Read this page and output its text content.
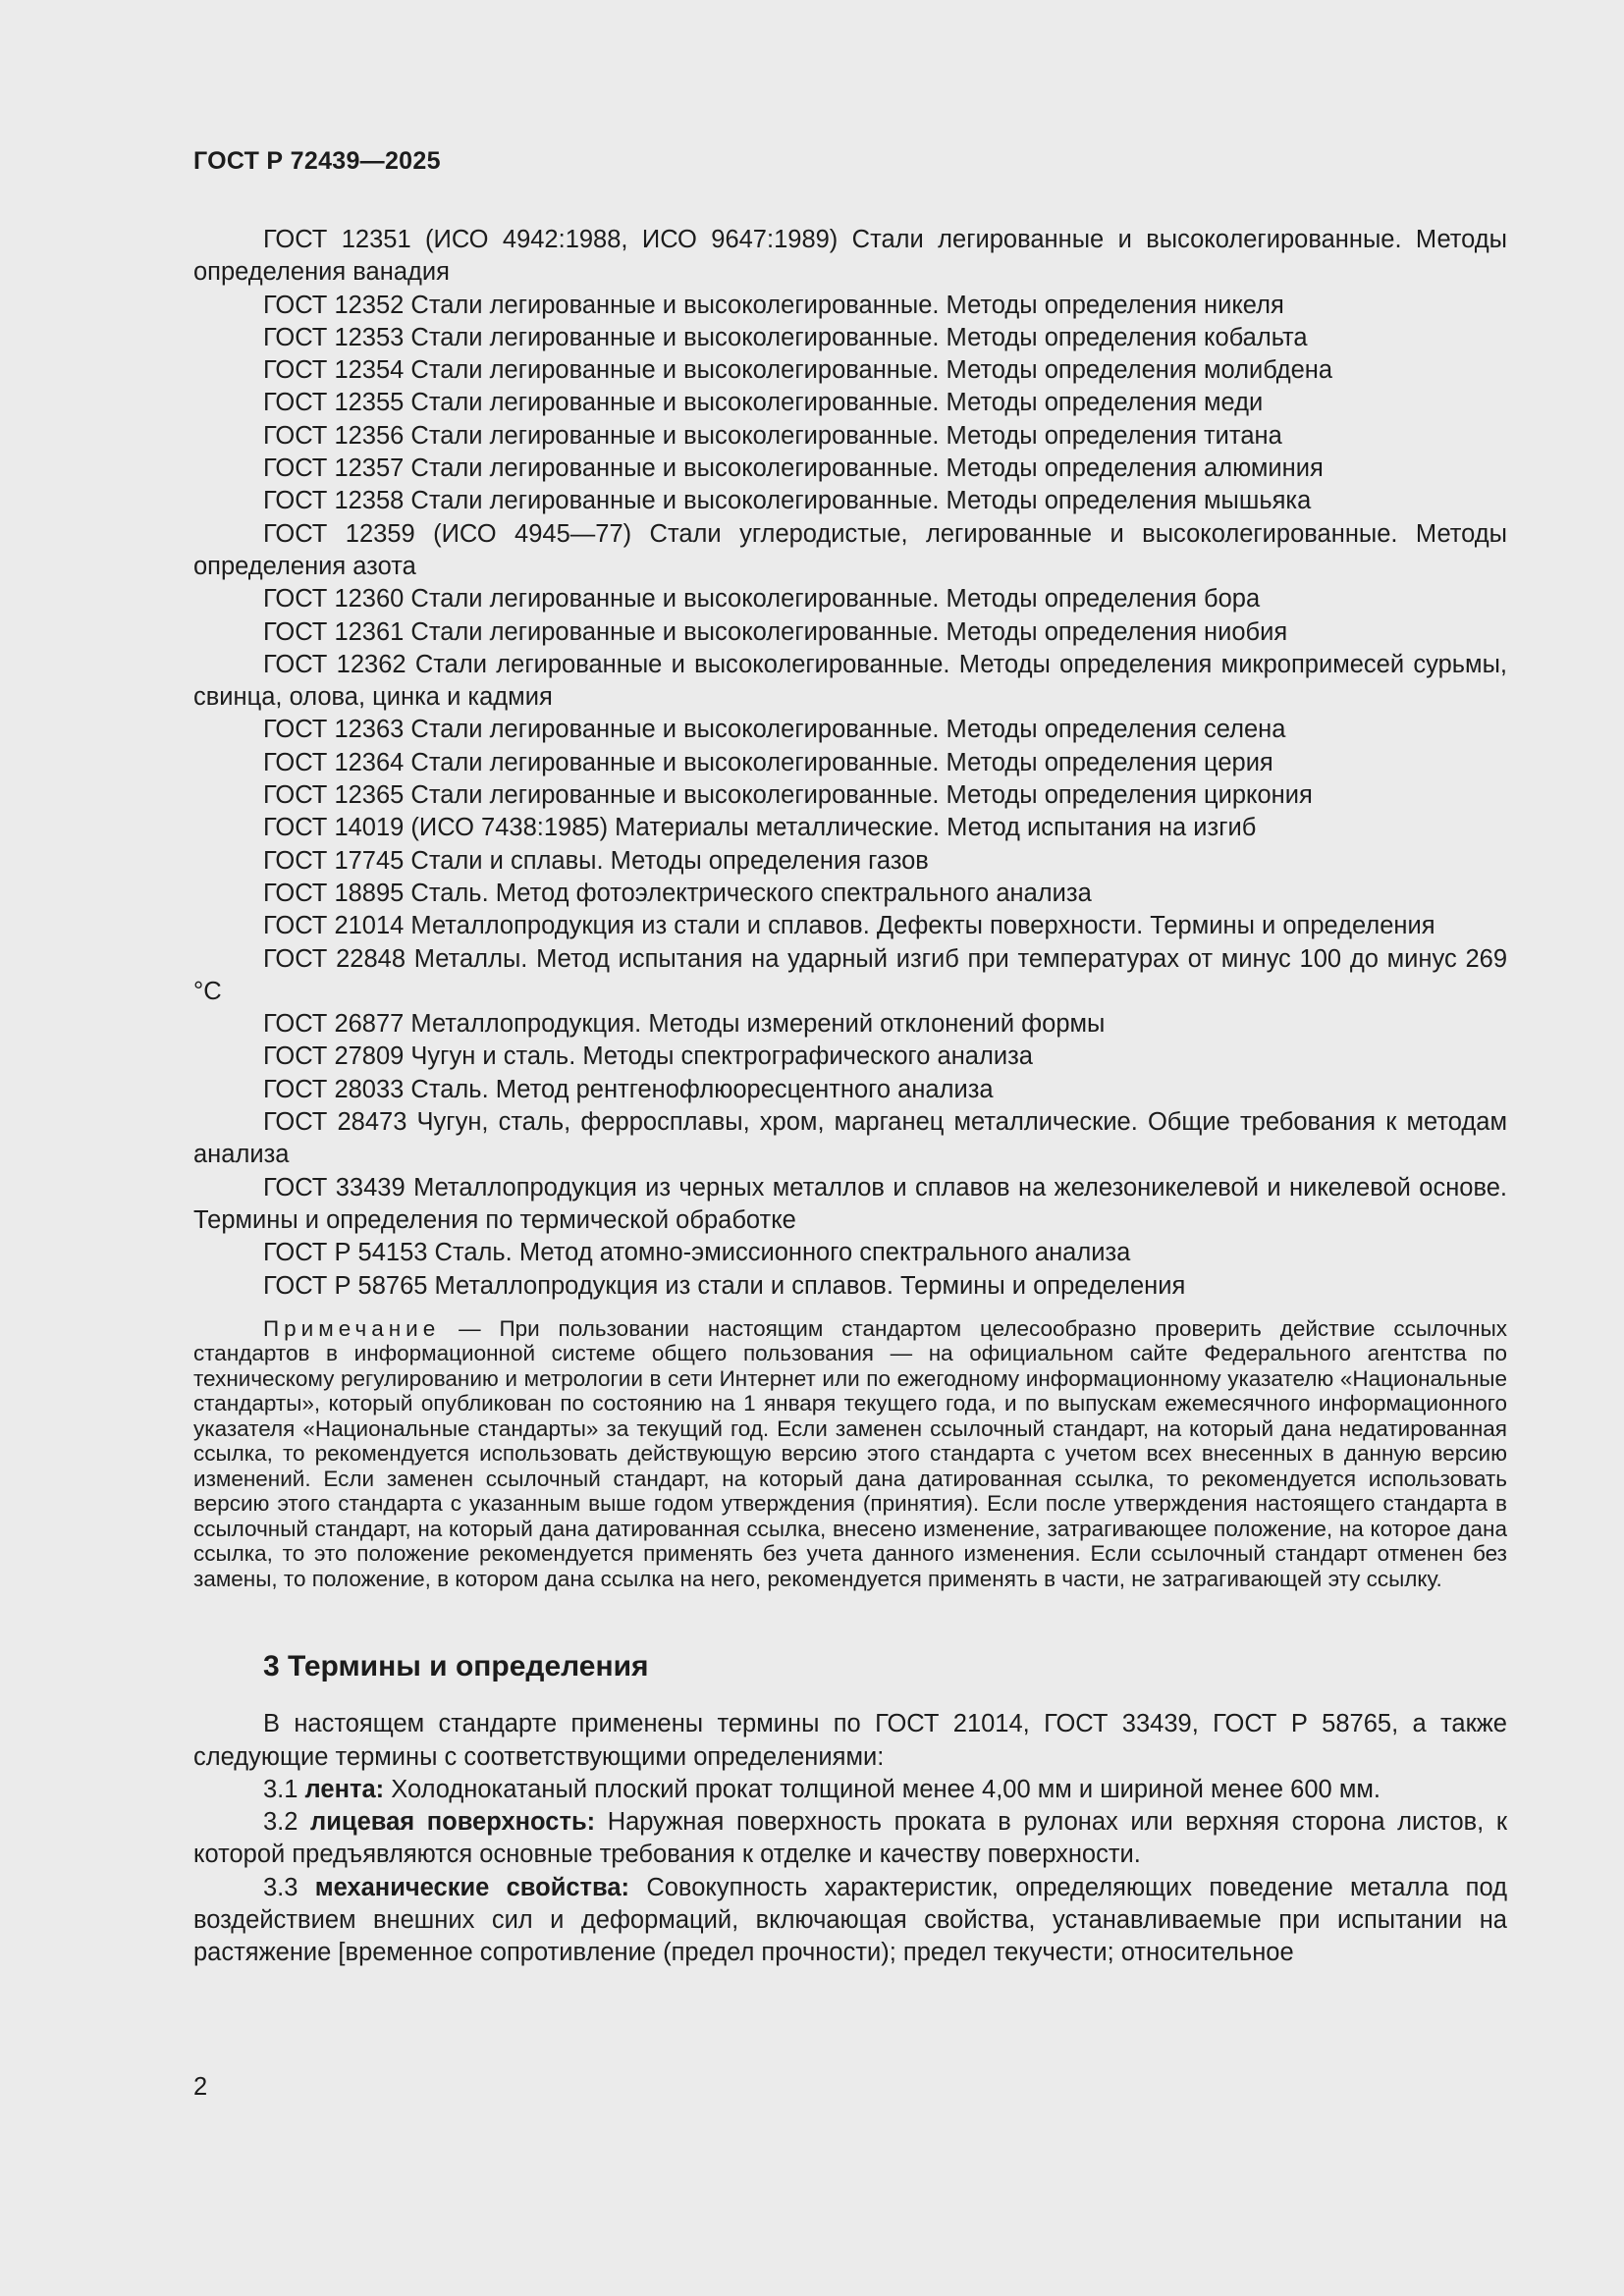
ГОСТ Р 72439—2025

ГОСТ 12351 (ИСО 4942:1988, ИСО 9647:1989) Стали легированные и высоколегированные. Методы определения ванадия

ГОСТ 12352 Стали легированные и высоколегированные. Методы определения никеля

ГОСТ 12353 Стали легированные и высоколегированные. Методы определения кобальта

ГОСТ 12354 Стали легированные и высоколегированные. Методы определения молибдена

ГОСТ 12355 Стали легированные и высоколегированные. Методы определения меди

ГОСТ 12356 Стали легированные и высоколегированные. Методы определения титана

ГОСТ 12357 Стали легированные и высоколегированные. Методы определения алюминия

ГОСТ 12358 Стали легированные и высоколегированные. Методы определения мышьяка

ГОСТ 12359 (ИСО 4945—77) Стали углеродистые, легированные и высоколегированные. Методы определения азота

ГОСТ 12360 Стали легированные и высоколегированные. Методы определения бора

ГОСТ 12361 Стали легированные и высоколегированные. Методы определения ниобия

ГОСТ 12362 Стали легированные и высоколегированные. Методы определения микропримесей сурьмы, свинца, олова, цинка и кадмия

ГОСТ 12363 Стали легированные и высоколегированные. Методы определения селена

ГОСТ 12364 Стали легированные и высоколегированные. Методы определения церия

ГОСТ 12365 Стали легированные и высоколегированные. Методы определения циркония

ГОСТ 14019 (ИСО 7438:1985) Материалы металлические. Метод испытания на изгиб

ГОСТ 17745 Стали и сплавы. Методы определения газов

ГОСТ 18895 Сталь. Метод фотоэлектрического спектрального анализа

ГОСТ 21014 Металлопродукция из стали и сплавов. Дефекты поверхности. Термины и определения

ГОСТ 22848 Металлы. Метод испытания на ударный изгиб при температурах от минус 100 до минус 269 °С

ГОСТ 26877 Металлопродукция. Методы измерений отклонений формы

ГОСТ 27809 Чугун и сталь. Методы спектрографического анализа

ГОСТ 28033 Сталь. Метод рентгенофлюоресцентного анализа

ГОСТ 28473 Чугун, сталь, ферросплавы, хром, марганец металлические. Общие требования к методам анализа

ГОСТ 33439 Металлопродукция из черных металлов и сплавов на железоникелевой и никелевой основе. Термины и определения по термической обработке

ГОСТ Р 54153 Сталь. Метод атомно-эмиссионного спектрального анализа

ГОСТ Р 58765 Металлопродукция из стали и сплавов. Термины и определения

Примечание — При пользовании настоящим стандартом целесообразно проверить действие ссылочных стандартов в информационной системе общего пользования — на официальном сайте Федерального агентства по техническому регулированию и метрологии в сети Интернет или по ежегодному информационному указателю «Национальные стандарты», который опубликован по состоянию на 1 января текущего года, и по выпускам ежемесячного информационного указателя «Национальные стандарты» за текущий год. Если заменен ссылочный стандарт, на который дана недатированная ссылка, то рекомендуется использовать действующую версию этого стандарта с учетом всех внесенных в данную версию изменений. Если заменен ссылочный стандарт, на который дана датированная ссылка, то рекомендуется использовать версию этого стандарта с указанным выше годом утверждения (принятия). Если после утверждения настоящего стандарта в ссылочный стандарт, на который дана датированная ссылка, внесено изменение, затрагивающее положение, на которое дана ссылка, то это положение рекомендуется применять без учета данного изменения. Если ссылочный стандарт отменен без замены, то положение, в котором дана ссылка на него, рекомендуется применять в части, не затрагивающей эту ссылку.
3 Термины и определения

В настоящем стандарте применены термины по ГОСТ 21014, ГОСТ 33439, ГОСТ Р 58765, а также следующие термины с соответствующими определениями:

3.1 лента: Холоднокатаный плоский прокат толщиной менее 4,00 мм и шириной менее 600 мм.

3.2 лицевая поверхность: Наружная поверхность проката в рулонах или верхняя сторона листов, к которой предъявляются основные требования к отделке и качеству поверхности.

3.3 механические свойства: Совокупность характеристик, определяющих поведение металла под воздействием внешних сил и деформаций, включающая свойства, устанавливаемые при испытании на растяжение [временное сопротивление (предел прочности); предел текучести; относительное

2
